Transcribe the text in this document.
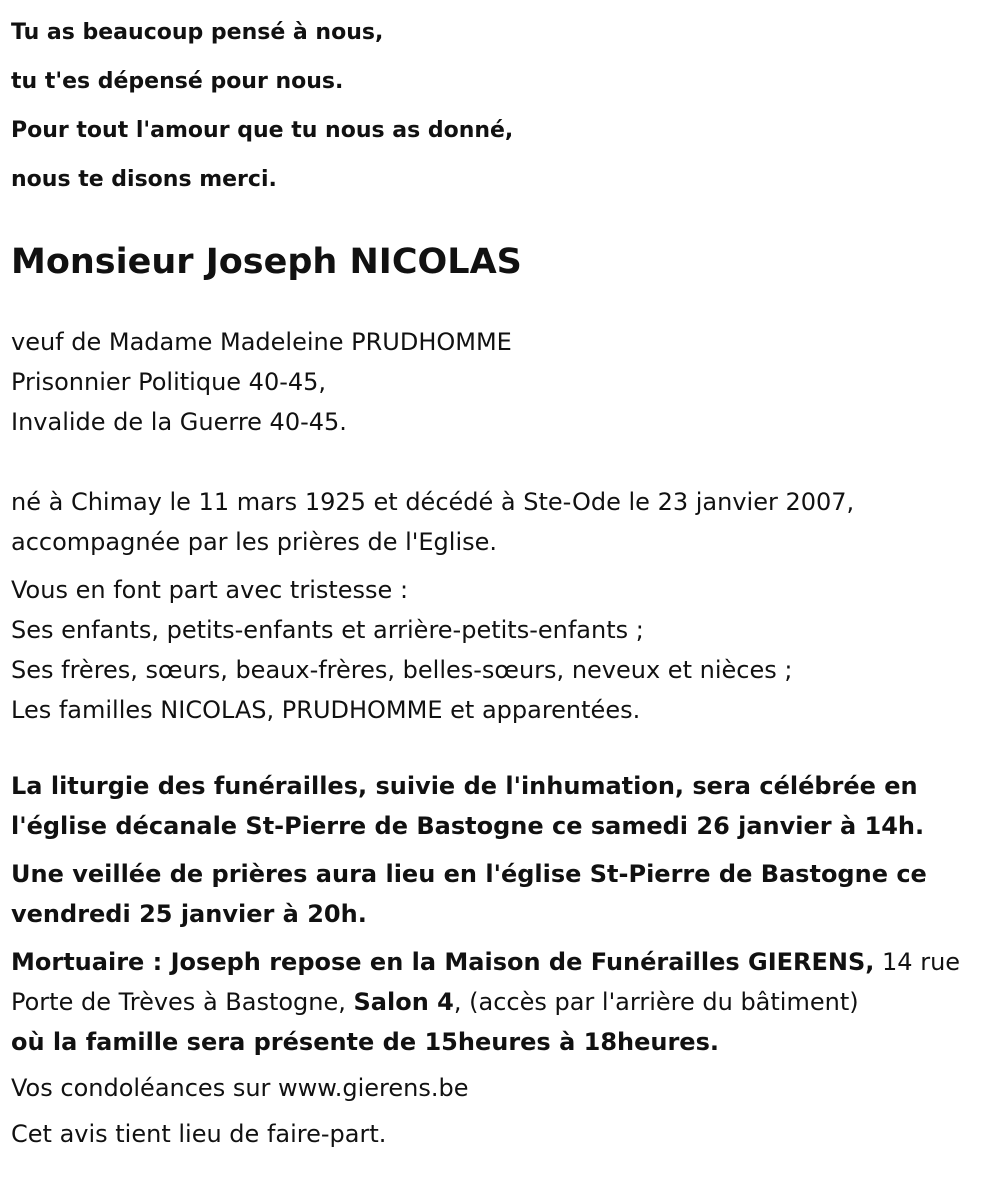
Tu as beaucoup pensé à nous,
tu t'es dépensé pour nous.
Pour tout l'amour que tu nous as donné,
nous te disons merci.
Monsieur Joseph NICOLAS
veuf de Madame Madeleine PRUDHOMME
Prisonnier Politique 40-45,
Invalide de la Guerre 40-45.
né à Chimay le 11 mars 1925 et décédé à Ste-Ode le 23 janvier 2007,
accompagnée par les prières de l'Eglise.
Vous en font part avec tristesse :
Ses enfants, petits-enfants et arrière-petits-enfants ;
Ses frères, sœurs, beaux-frères, belles-sœurs, neveux et nièces ;
Les familles NICOLAS, PRUDHOMME et apparentées.
La liturgie des funérailles, suivie de l'inhumation, sera célébrée en
l'église décanale St-Pierre de Bastogne ce samedi 26 janvier à 14h.
Une veillée de prières aura lieu en l'église St-Pierre de Bastogne ce
vendredi 25 janvier à 20h.
Mortuaire : Joseph repose en la Maison de Funérailles GIERENS, 14 rue
Porte de Trèves à Bastogne, Salon 4, (accès par l'arrière du bâtiment)
où la famille sera présente de 15heures à 18heures.
Vos condoléances sur www.gierens.be
Cet avis tient lieu de faire-part.
